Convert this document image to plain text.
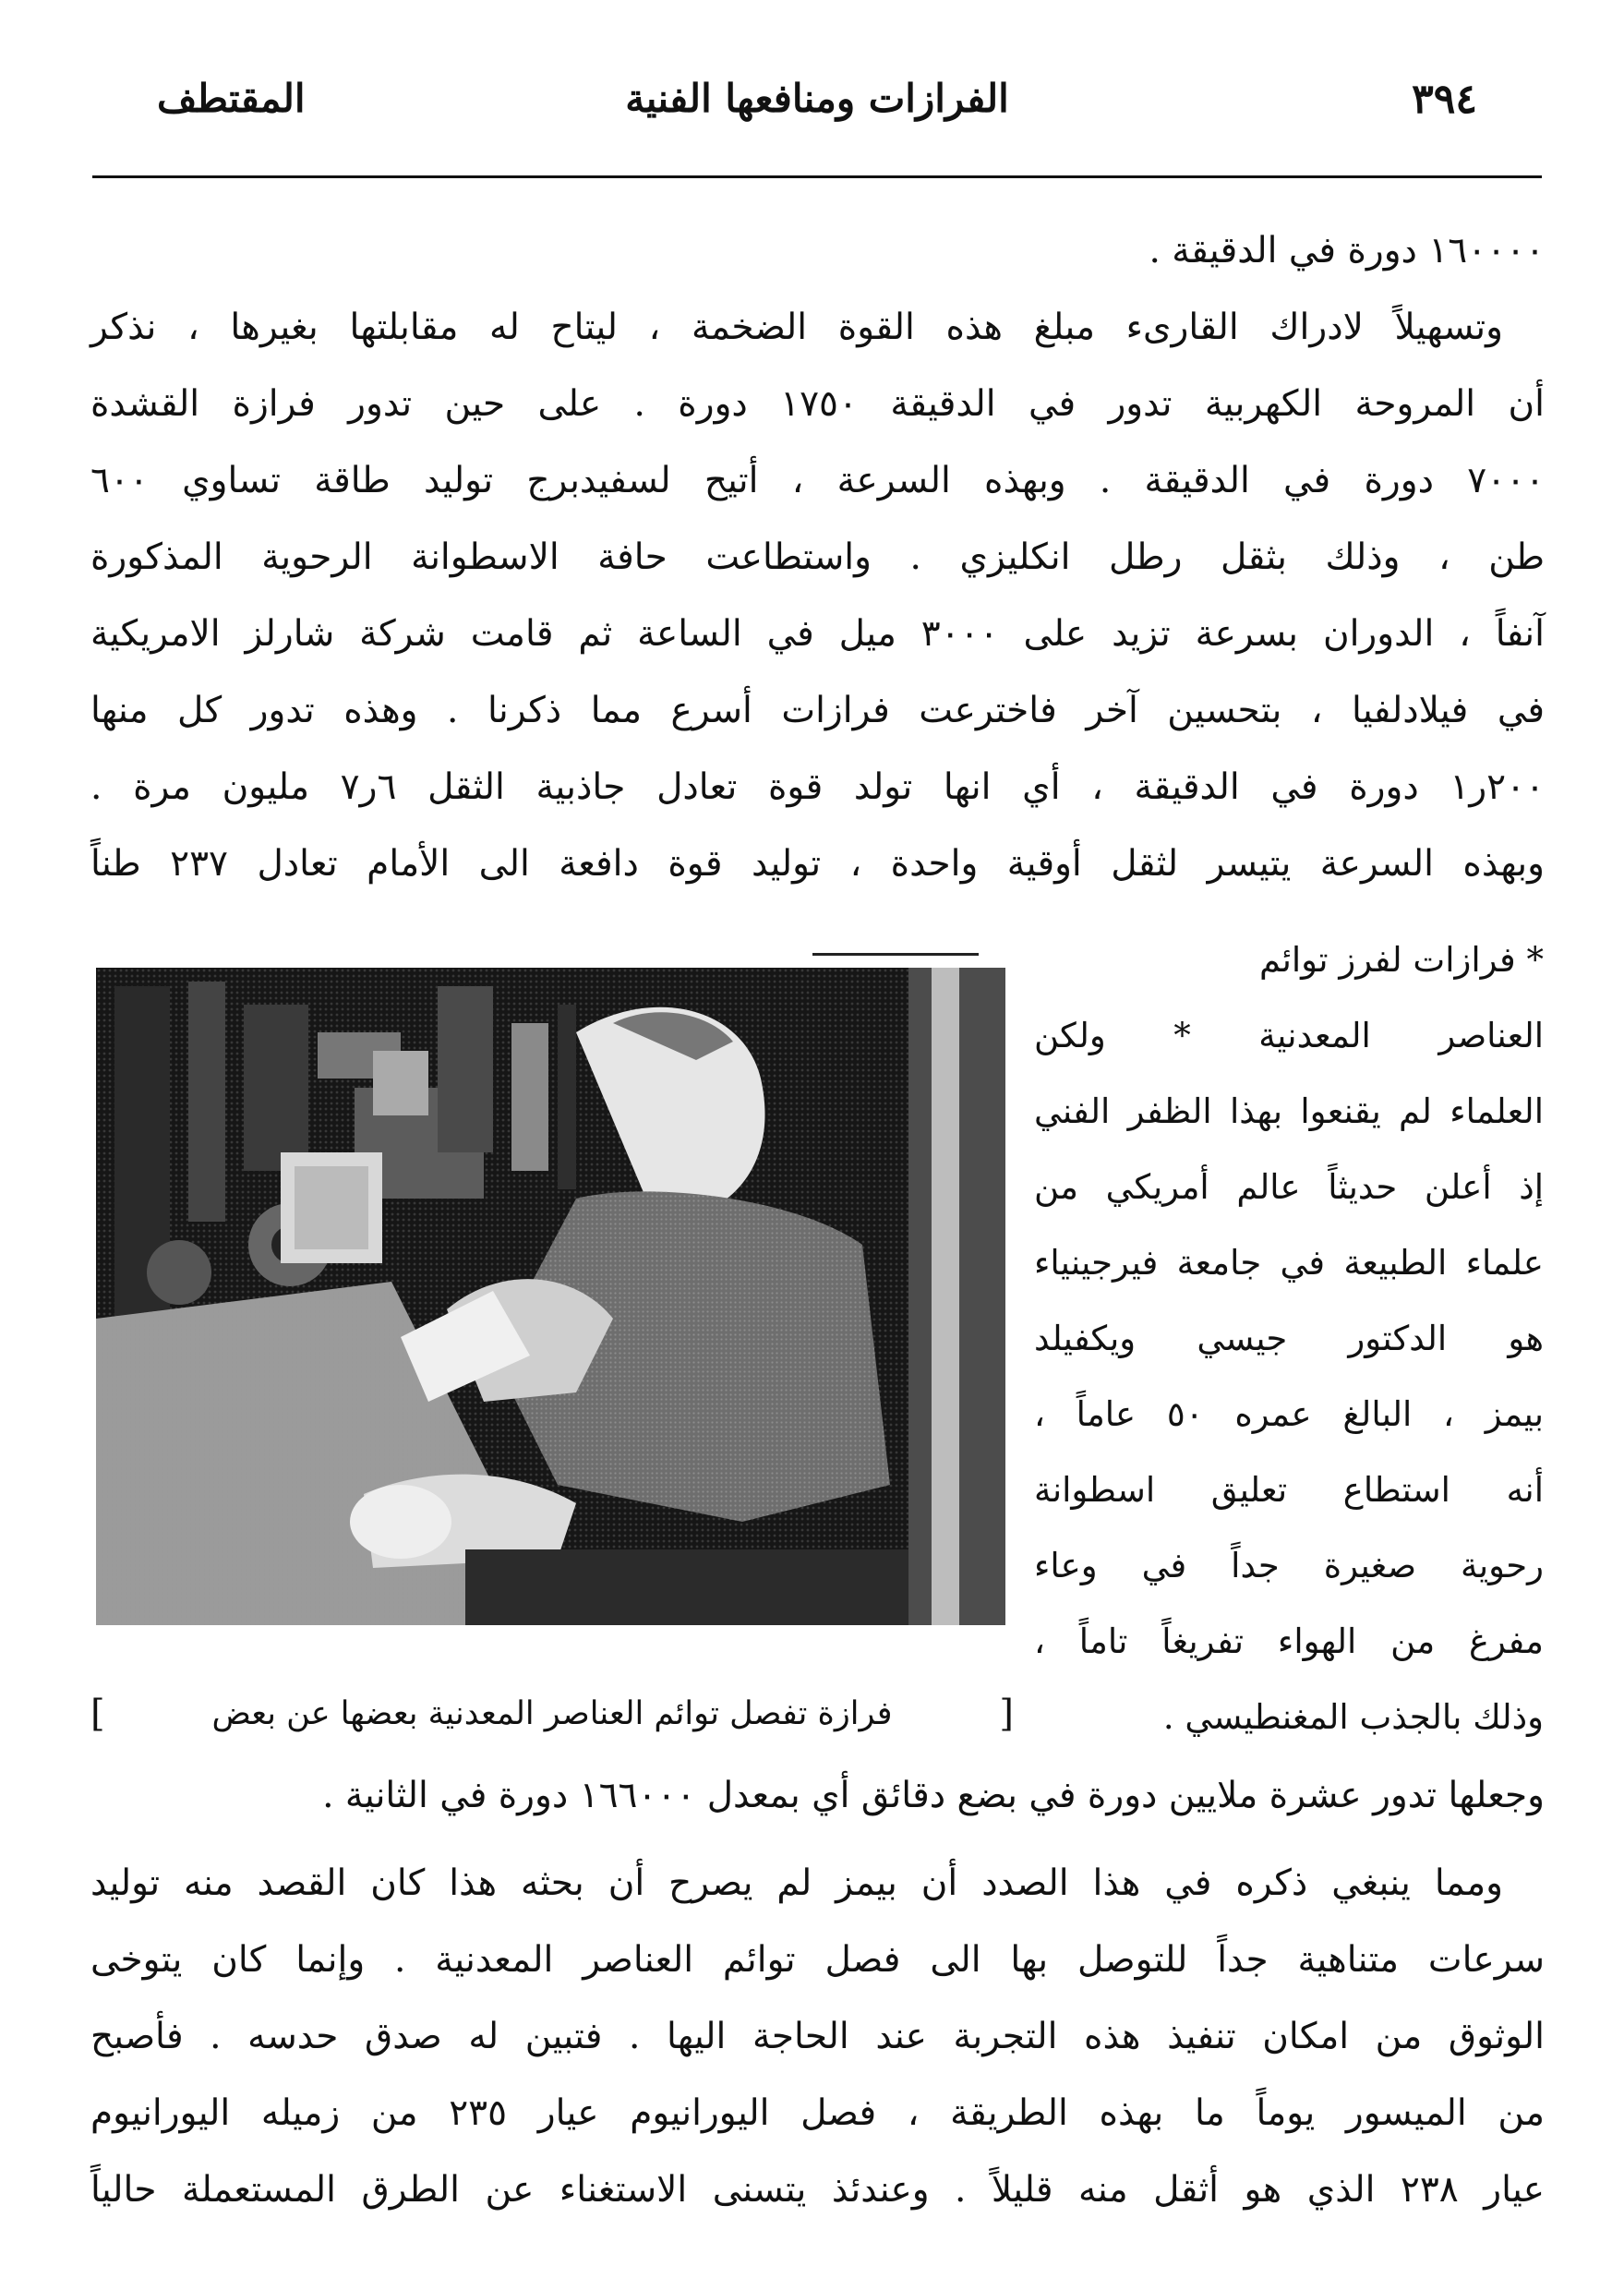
٣٩٤
الفرازات ومنافعها الفنية
المقتطف
١٦٠٠٠٠ دورة في الدقيقة .
وتسهيلاً لادراك القارىء مبلغ هذه القوة الضخمة ، ليتاح له مقابلتها بغيرها ، نذكر
أن المروحة الكهربية تدور في الدقيقة ١٧٥٠ دورة . على حين تدور فرازة القشدة
٧٠٠٠ دورة في الدقيقة . وبهذه السرعة ، أتيح لسفيدبرج توليد طاقة تساوي ٦٠٠
طن ، وذلك بثقل رطل انكليزي . واستطاعت حافة الاسطوانة الرحوية المذكورة
آنفاً ، الدوران بسرعة تزيد على ٣٠٠٠ ميل في الساعة ثم قامت شركة شارلز الامريكية
في فيلادلفيا ، بتحسين آخر فاخترعت فرازات أسرع مما ذكرنا . وهذه تدور كل منها
٢٠٠ر١ دورة في الدقيقة ، أي انها تولد قوة تعادل جاذبية الثقل ٦ر٧ مليون مرة .
وبهذه السرعة يتيسر لثقل أوقية واحدة ، توليد قوة دافعة الى الأمام تعادل ٢٣٧ طناً
* فرازات لفرز توائم
العناصر المعدنية * ولكن
العلماء لم يقنعوا بهذا الظفر الفني
إذ أعلن حديثاً عالم أمريكي من
علماء الطبيعة في جامعة فيرجينياء
هو الدكتور جيسي ويكفيلد
بيمز ، البالغ عمره ٥٠ عاماً ،
أنه استطاع تعليق اسطوانة
رحوية صغيرة جداً في وعاء
مفرغ من الهواء تفريغاً تاماً ،
وذلك بالجذب المغنطيسي .
[
فرازة تفصل توائم العناصر المعدنية بعضها عن بعض
]
وجعلها تدور عشرة ملايين دورة في بضع دقائق أي بمعدل ١٦٦٠٠٠ دورة في الثانية .
ومما ينبغي ذكره في هذا الصدد أن بيمز لم يصرح أن بحثه هذا كان القصد منه توليد
سرعات متناهية جداً للتوصل بها الى فصل توائم العناصر المعدنية . وإنما كان يتوخى
الوثوق من امكان تنفيذ هذه التجربة عند الحاجة اليها . فتبين له صدق حدسه . فأصبح
من الميسور يوماً ما بهذه الطريقة ، فصل اليورانيوم عيار ٢٣٥ من زميله اليورانيوم
عيار ٢٣٨ الذي هو أثقل منه قليلاً . وعندئذ يتسنى الاستغناء عن الطرق المستعملة حالياً
